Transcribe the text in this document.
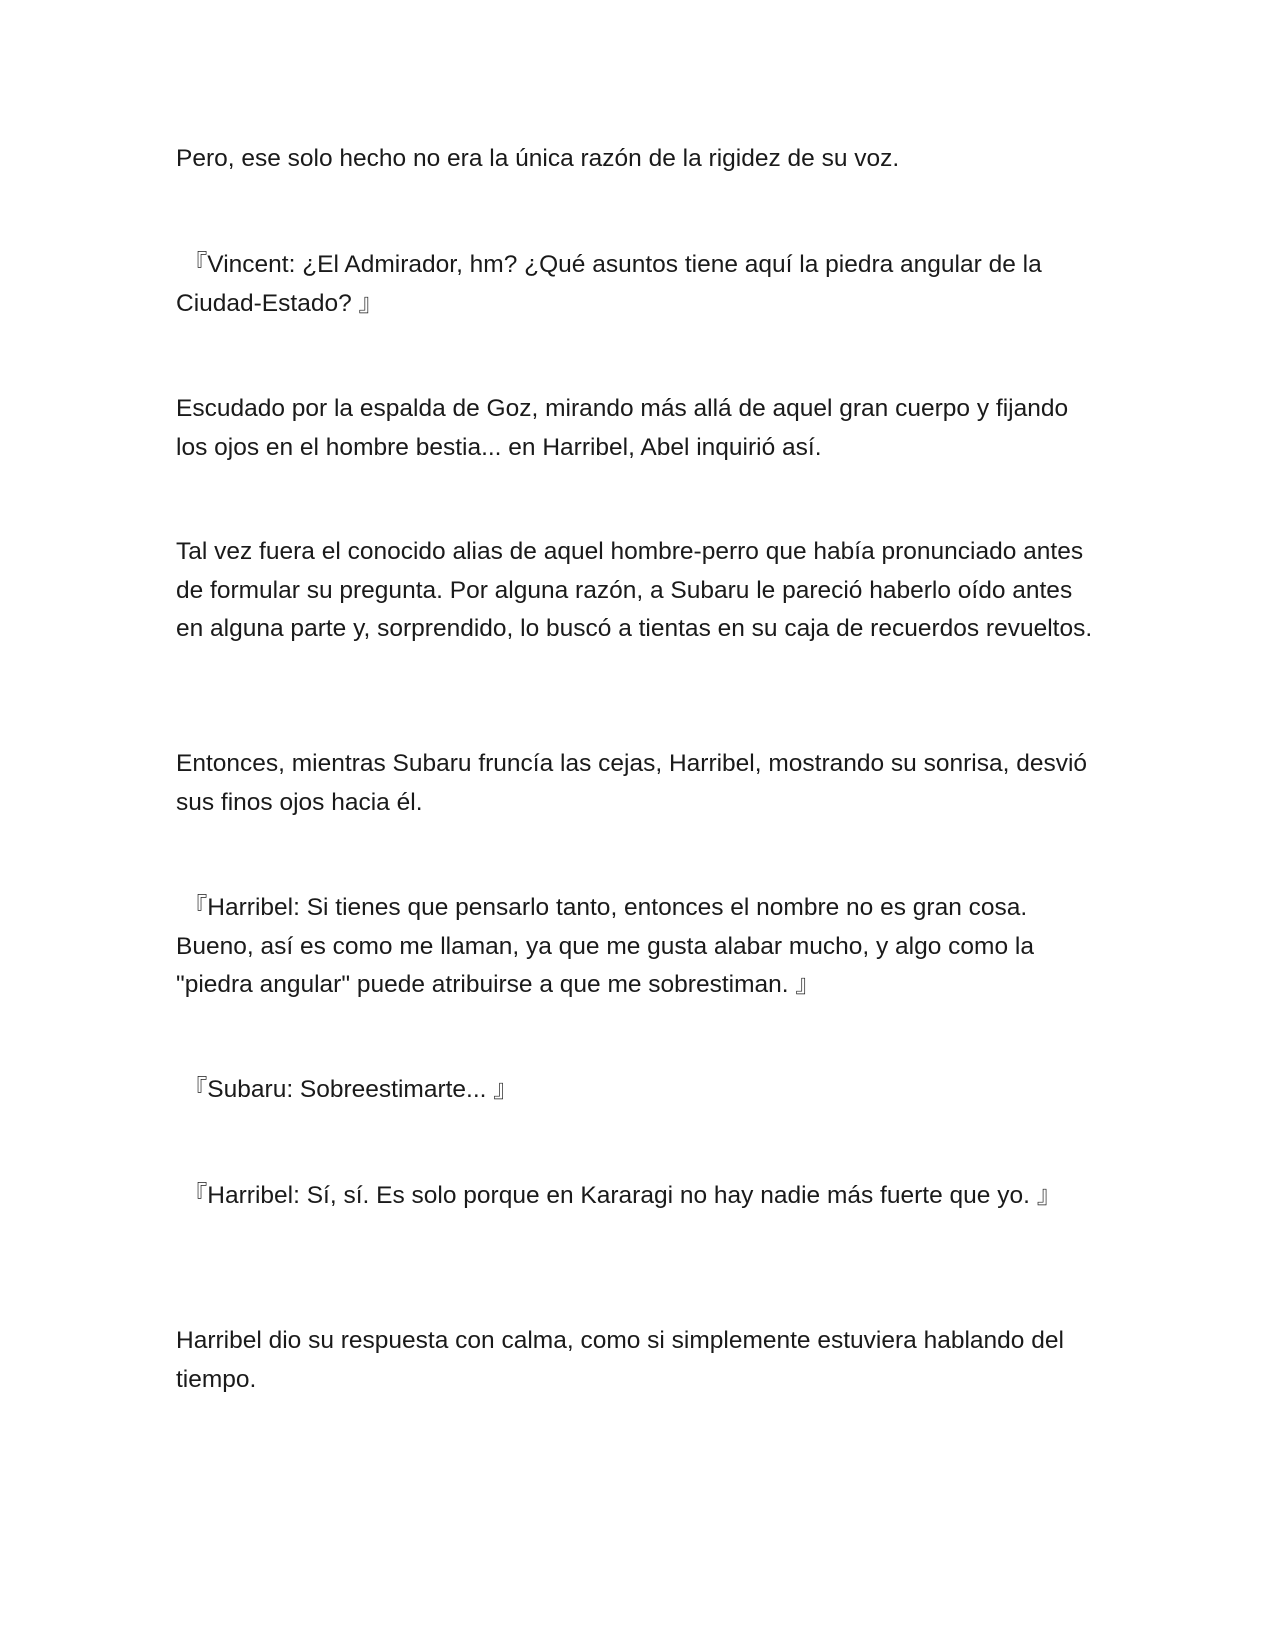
Pero, ese solo hecho no era la única razón de la rigidez de su voz.

『Vincent: ¿El Admirador, hm? ¿Qué asuntos tiene aquí la piedra angular de la Ciudad-Estado? 』

Escudado por la espalda de Goz, mirando más allá de aquel gran cuerpo y fijando los ojos en el hombre bestia... en Harribel, Abel inquirió así.

Tal vez fuera el conocido alias de aquel hombre-perro que había pronunciado antes de formular su pregunta. Por alguna razón, a Subaru le pareció haberlo oído antes en alguna parte y, sorprendido, lo buscó a tientas en su caja de recuerdos revueltos.

Entonces, mientras Subaru fruncía las cejas, Harribel, mostrando su sonrisa, desvió sus finos ojos hacia él.

『Harribel: Si tienes que pensarlo tanto, entonces el nombre no es gran cosa. Bueno, así es como me llaman, ya que me gusta alabar mucho, y algo como la "piedra angular" puede atribuirse a que me sobrestiman. 』

『Subaru: Sobreestimarte... 』

『Harribel: Sí, sí. Es solo porque en Kararagi no hay nadie más fuerte que yo. 』

Harribel dio su respuesta con calma, como si simplemente estuviera hablando del tiempo.
